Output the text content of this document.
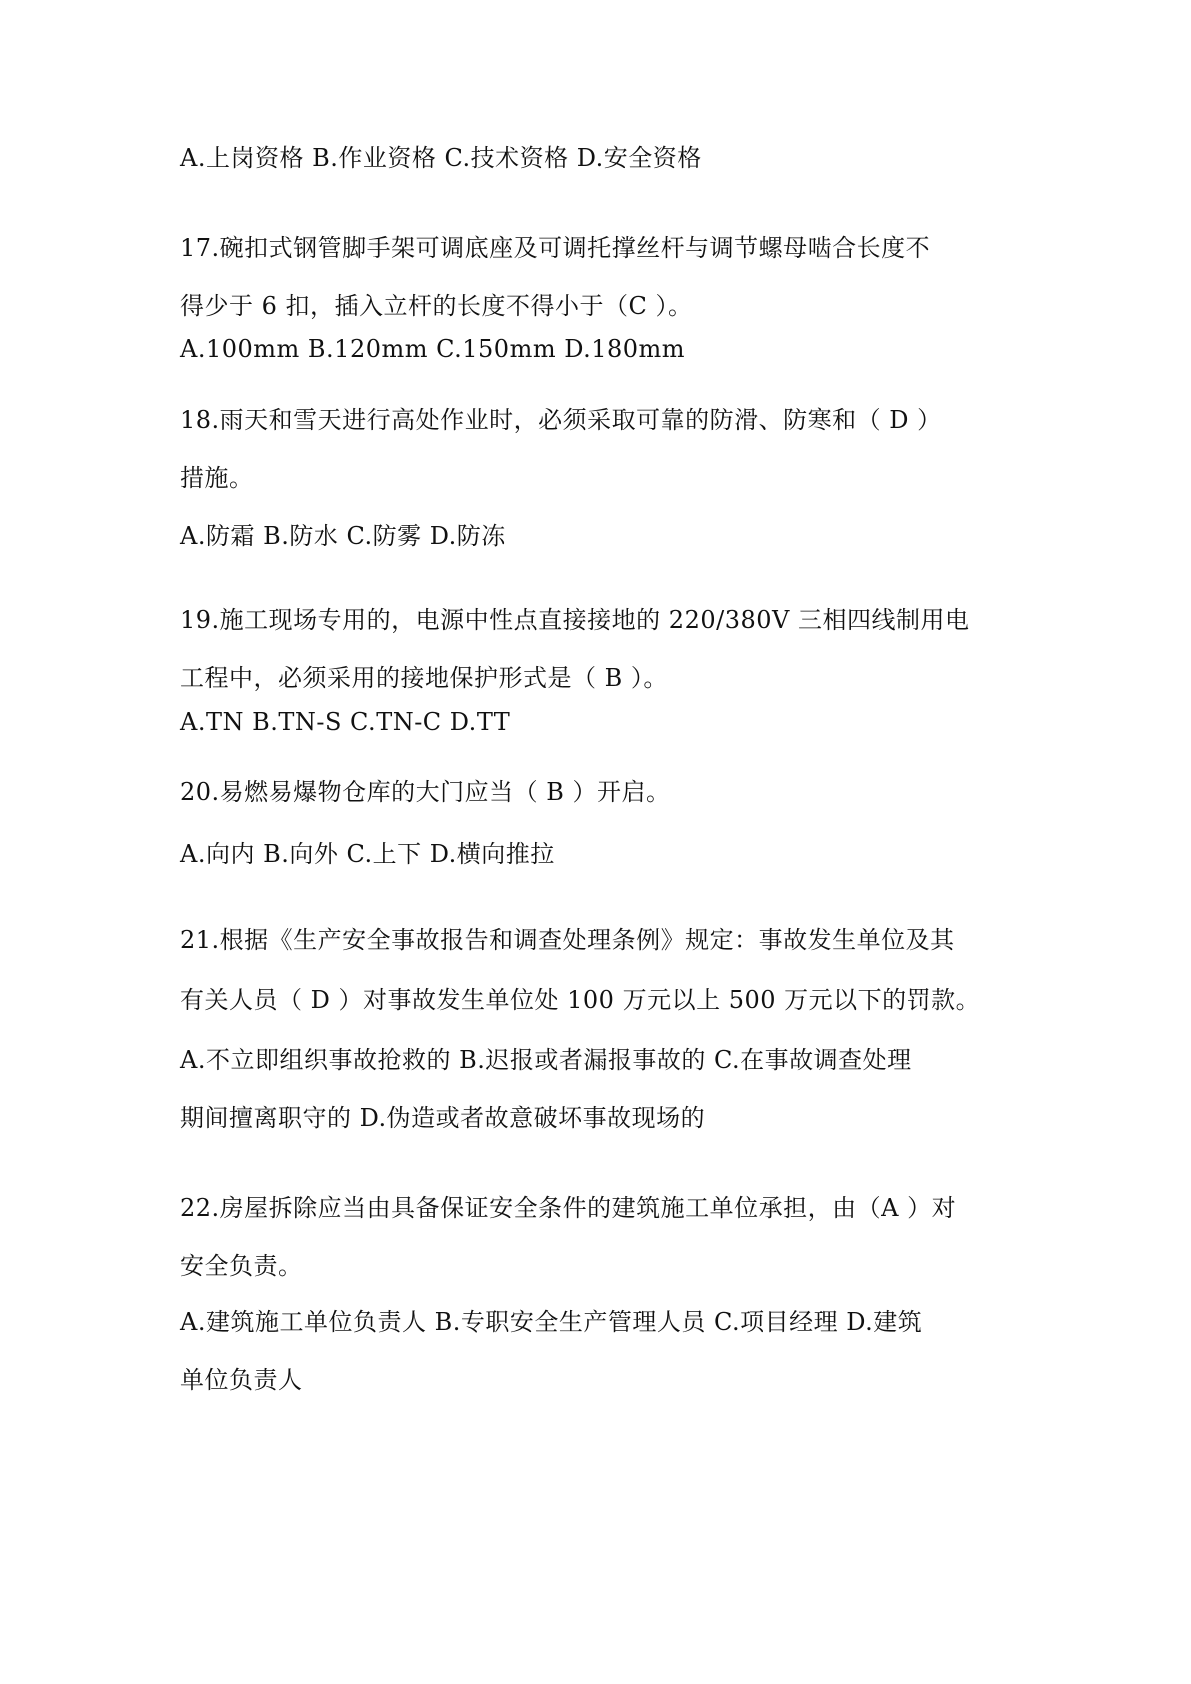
A.上岗资格 B.作业资格 C.技术资格 D.安全资格
17.碗扣式钢管脚手架可调底座及可调托撑丝杆与调节螺母啮合长度不
得少于 6 扣，插入立杆的长度不得小于（C ）。
A.100mm B.120mm C.150mm D.180mm
18.雨天和雪天进行高处作业时，必须采取可靠的防滑、防寒和（ D ）
措施。
A.防霜 B.防水 C.防雾 D.防冻
19.施工现场专用的，电源中性点直接接地的 220/380V 三相四线制用电
工程中，必须采用的接地保护形式是（ B ）。
A.TN B.TN-S C.TN-C D.TT
20.易燃易爆物仓库的大门应当（ B ）开启。
A.向内 B.向外 C.上下 D.横向推拉
21.根据《生产安全事故报告和调查处理条例》规定：事故发生单位及其
有关人员（ D ）对事故发生单位处 100 万元以上 500 万元以下的罚款。
A.不立即组织事故抢救的 B.迟报或者漏报事故的 C.在事故调查处理
期间擅离职守的 D.伪造或者故意破坏事故现场的
22.房屋拆除应当由具备保证安全条件的建筑施工单位承担，由（A ）对
安全负责。
A.建筑施工单位负责人 B.专职安全生产管理人员 C.项目经理 D.建筑
单位负责人
